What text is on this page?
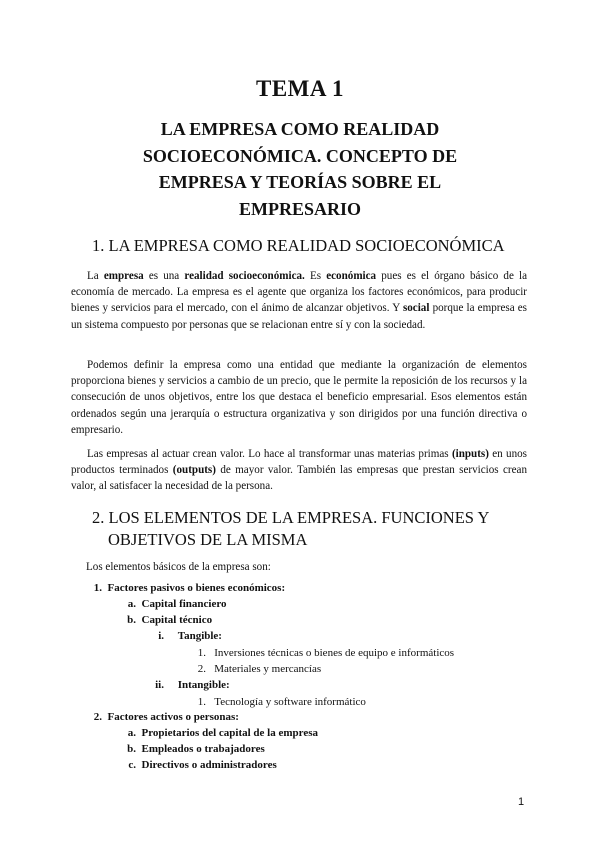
TEMA 1
LA EMPRESA COMO REALIDAD
SOCIOECONÓMICA. CONCEPTO DE
EMPRESA Y TEORÍAS SOBRE EL
EMPRESARIO
1. LA EMPRESA COMO REALIDAD SOCIOECONÓMICA
La empresa es una realidad socioeconómica. Es económica pues es el órgano básico de la economía de mercado. La empresa es el agente que organiza los factores económicos, para producir bienes y servicios para el mercado, con el ánimo de alcanzar objetivos. Y social porque la empresa es un sistema compuesto por personas que se relacionan entre sí y con la sociedad.
Podemos definir la empresa como una entidad que mediante la organización de elementos proporciona bienes y servicios a cambio de un precio, que le permite la reposición de los recursos y la consecución de unos objetivos, entre los que destaca el beneficio empresarial. Esos elementos están ordenados según una jerarquía o estructura organizativa y son dirigidos por una función directiva o empresario.
Las empresas al actuar crean valor. Lo hace al transformar unas materias primas (inputs) en unos productos terminados (outputs) de mayor valor. También las empresas que prestan servicios crean valor, al satisfacer la necesidad de la persona.
2. LOS ELEMENTOS DE LA EMPRESA. FUNCIONES Y
OBJETIVOS DE LA MISMA
Los elementos básicos de la empresa son:
1. Factores pasivos o bienes económicos:
a. Capital financiero
b. Capital técnico
i. Tangible:
1. Inversiones técnicas o bienes de equipo e informáticos
2. Materiales y mercancías
ii. Intangible:
1. Tecnología y software informático
2. Factores activos o personas:
a. Propietarios del capital de la empresa
b. Empleados o trabajadores
c. Directivos o administradores
1
